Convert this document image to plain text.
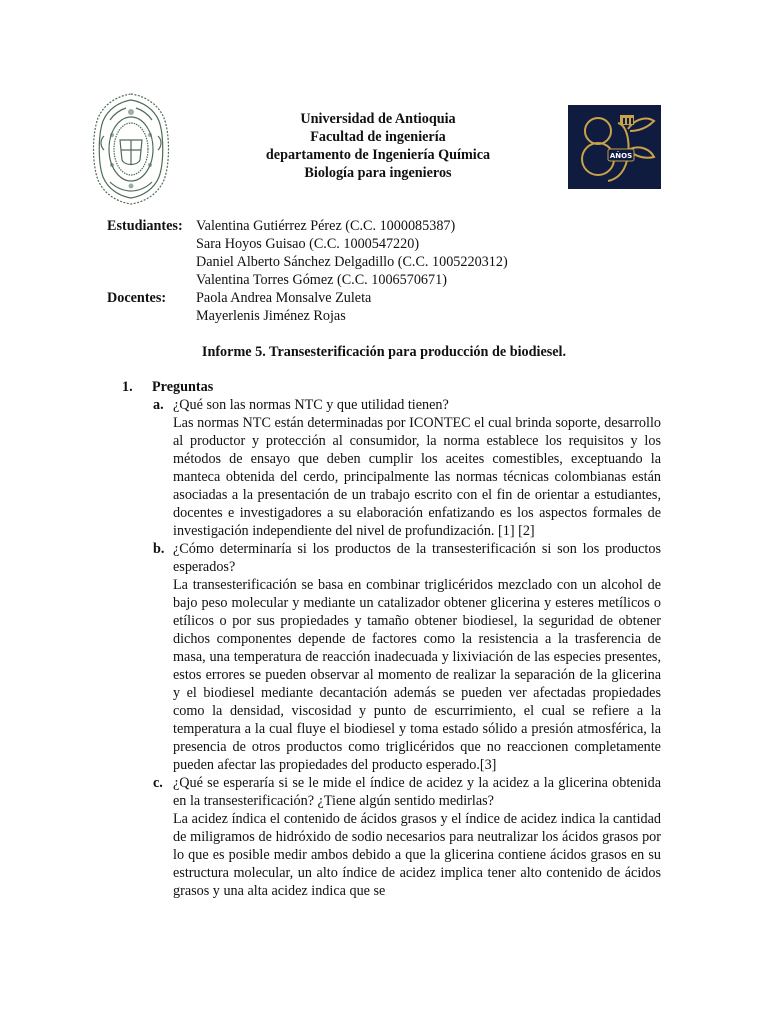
Universidad de Antioquia
Facultad de ingeniería
departamento de Ingeniería Química
Biología para ingenieros
AÑOS
Estudiantes: Valentina Gutiérrez Pérez (C.C. 1000085387)
Sara Hoyos Guisao (C.C. 1000547220)
Daniel Alberto Sánchez Delgadillo (C.C. 1005220312)
Valentina Torres Gómez (C.C. 1006570671)
Docentes:	Paola Andrea Monsalve Zuleta
Mayerlenis Jiménez Rojas
Informe 5. Transesterificación para producción de biodiesel.
1.	Preguntas
a. ¿Qué son las normas NTC y que utilidad tienen?
Las normas NTC están determinadas por ICONTEC el cual brinda soporte, desarrollo al productor y protección al consumidor, la norma establece los requisitos y los métodos de ensayo que deben cumplir los aceites comestibles, exceptuando la manteca obtenida del cerdo, principalmente las normas técnicas colombianas están asociadas a la presentación de un trabajo escrito con el fin de orientar a estudiantes, docentes e investigadores a su elaboración enfatizando es los aspectos formales de investigación independiente del nivel de profundización. [1] [2]
b. ¿Cómo determinaría si los productos de la transesterificación si son los productos esperados?
La transesterificación se basa en combinar triglicéridos mezclado con un alcohol de bajo peso molecular y mediante un catalizador obtener glicerina y esteres metílicos o etílicos o por sus propiedades y tamaño obtener biodiesel, la seguridad de obtener dichos componentes depende de factores como la resistencia a la trasferencia de masa, una temperatura de reacción inadecuada y lixiviación de las especies presentes, estos errores se pueden observar al momento de realizar la separación de la glicerina y el biodiesel mediante decantación además se pueden ver afectadas propiedades como la densidad, viscosidad y punto de escurrimiento, el cual se refiere a la temperatura a la cual fluye el biodiesel y toma estado sólido a presión atmosférica, la presencia de otros productos como triglicéridos que no reaccionen completamente pueden afectar las propiedades del producto esperado.[3]
c. ¿Qué se esperaría si se le mide el índice de acidez y la acidez a la glicerina obtenida en la transesterificación? ¿Tiene algún sentido medirlas?
La acidez índica el contenido de ácidos grasos y el índice de acidez indica la cantidad de miligramos de hidróxido de sodio necesarios para neutralizar los ácidos grasos por lo que es posible medir ambos debido a que la glicerina contiene ácidos grasos en su estructura molecular, un alto índice de acidez implica tener alto contenido de ácidos grasos y una alta acidez indica que se
